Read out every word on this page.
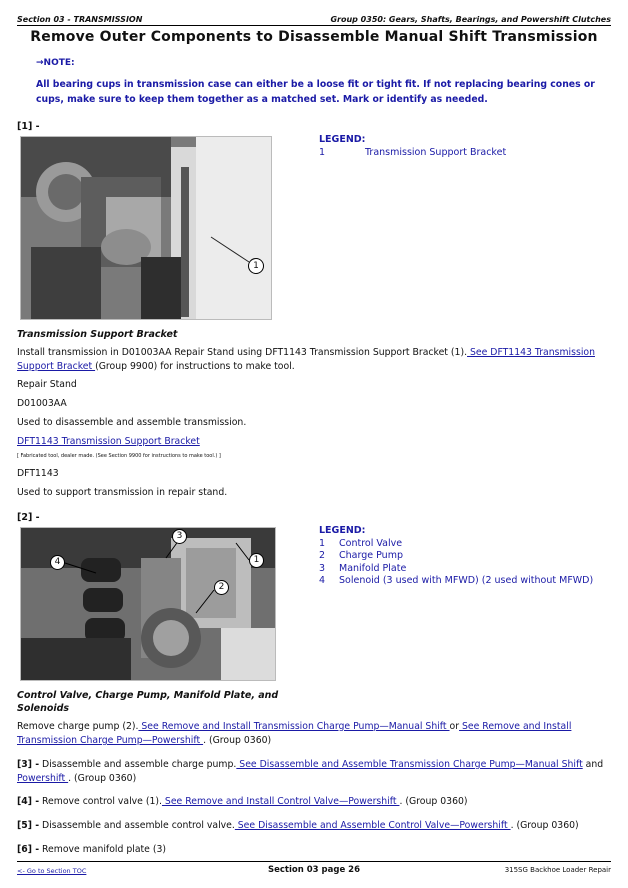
Section 03 - TRANSMISSION	Group 0350: Gears, Shafts, Bearings, and Powershift Clutches
Remove Outer Components to Disassemble Manual Shift Transmission
→NOTE:
All bearing cups in transmission case can either be a loose fit or tight fit. If not replacing bearing cones or cups, make sure to keep them together as a matched set. Mark or identify as needed.
[1] -
1
LEGEND:
1	Transmission Support Bracket
Transmission Support Bracket
Install transmission in D01003AA Repair Stand using DFT1143 Transmission Support Bracket (1). See DFT1143 Transmission Support Bracket (Group 9900) for instructions to make tool.
Repair Stand
D01003AA
Used to disassemble and assemble transmission.
DFT1143 Transmission Support Bracket
[ Fabricated tool, dealer made. (See Section 9900 for instructions to make tool.) ]
DFT1143
Used to support transmission in repair stand.
[2] -
4
3
1
2
LEGEND:
1	Control Valve
2	Charge Pump
3	Manifold Plate
4	Solenoid (3 used with MFWD) (2 used without MFWD)
Control Valve, Charge Pump, Manifold Plate, and
Solenoids
Remove charge pump (2). See Remove and Install Transmission Charge Pump—Manual Shift or See Remove and Install Transmission Charge Pump—Powershift . (Group 0360)
[3] - Disassemble and assemble charge pump. See Disassemble and Assemble Transmission Charge Pump—Manual Shift and Powershift . (Group 0360)
[4] - Remove control valve (1). See Remove and Install Control Valve—Powershift . (Group 0360)
[5] - Disassemble and assemble control valve. See Disassemble and Assemble Control Valve—Powershift . (Group 0360)
[6] - Remove manifold plate (3)
<- Go to Section TOC	Section 03 page 26	315SG Backhoe Loader Repair
